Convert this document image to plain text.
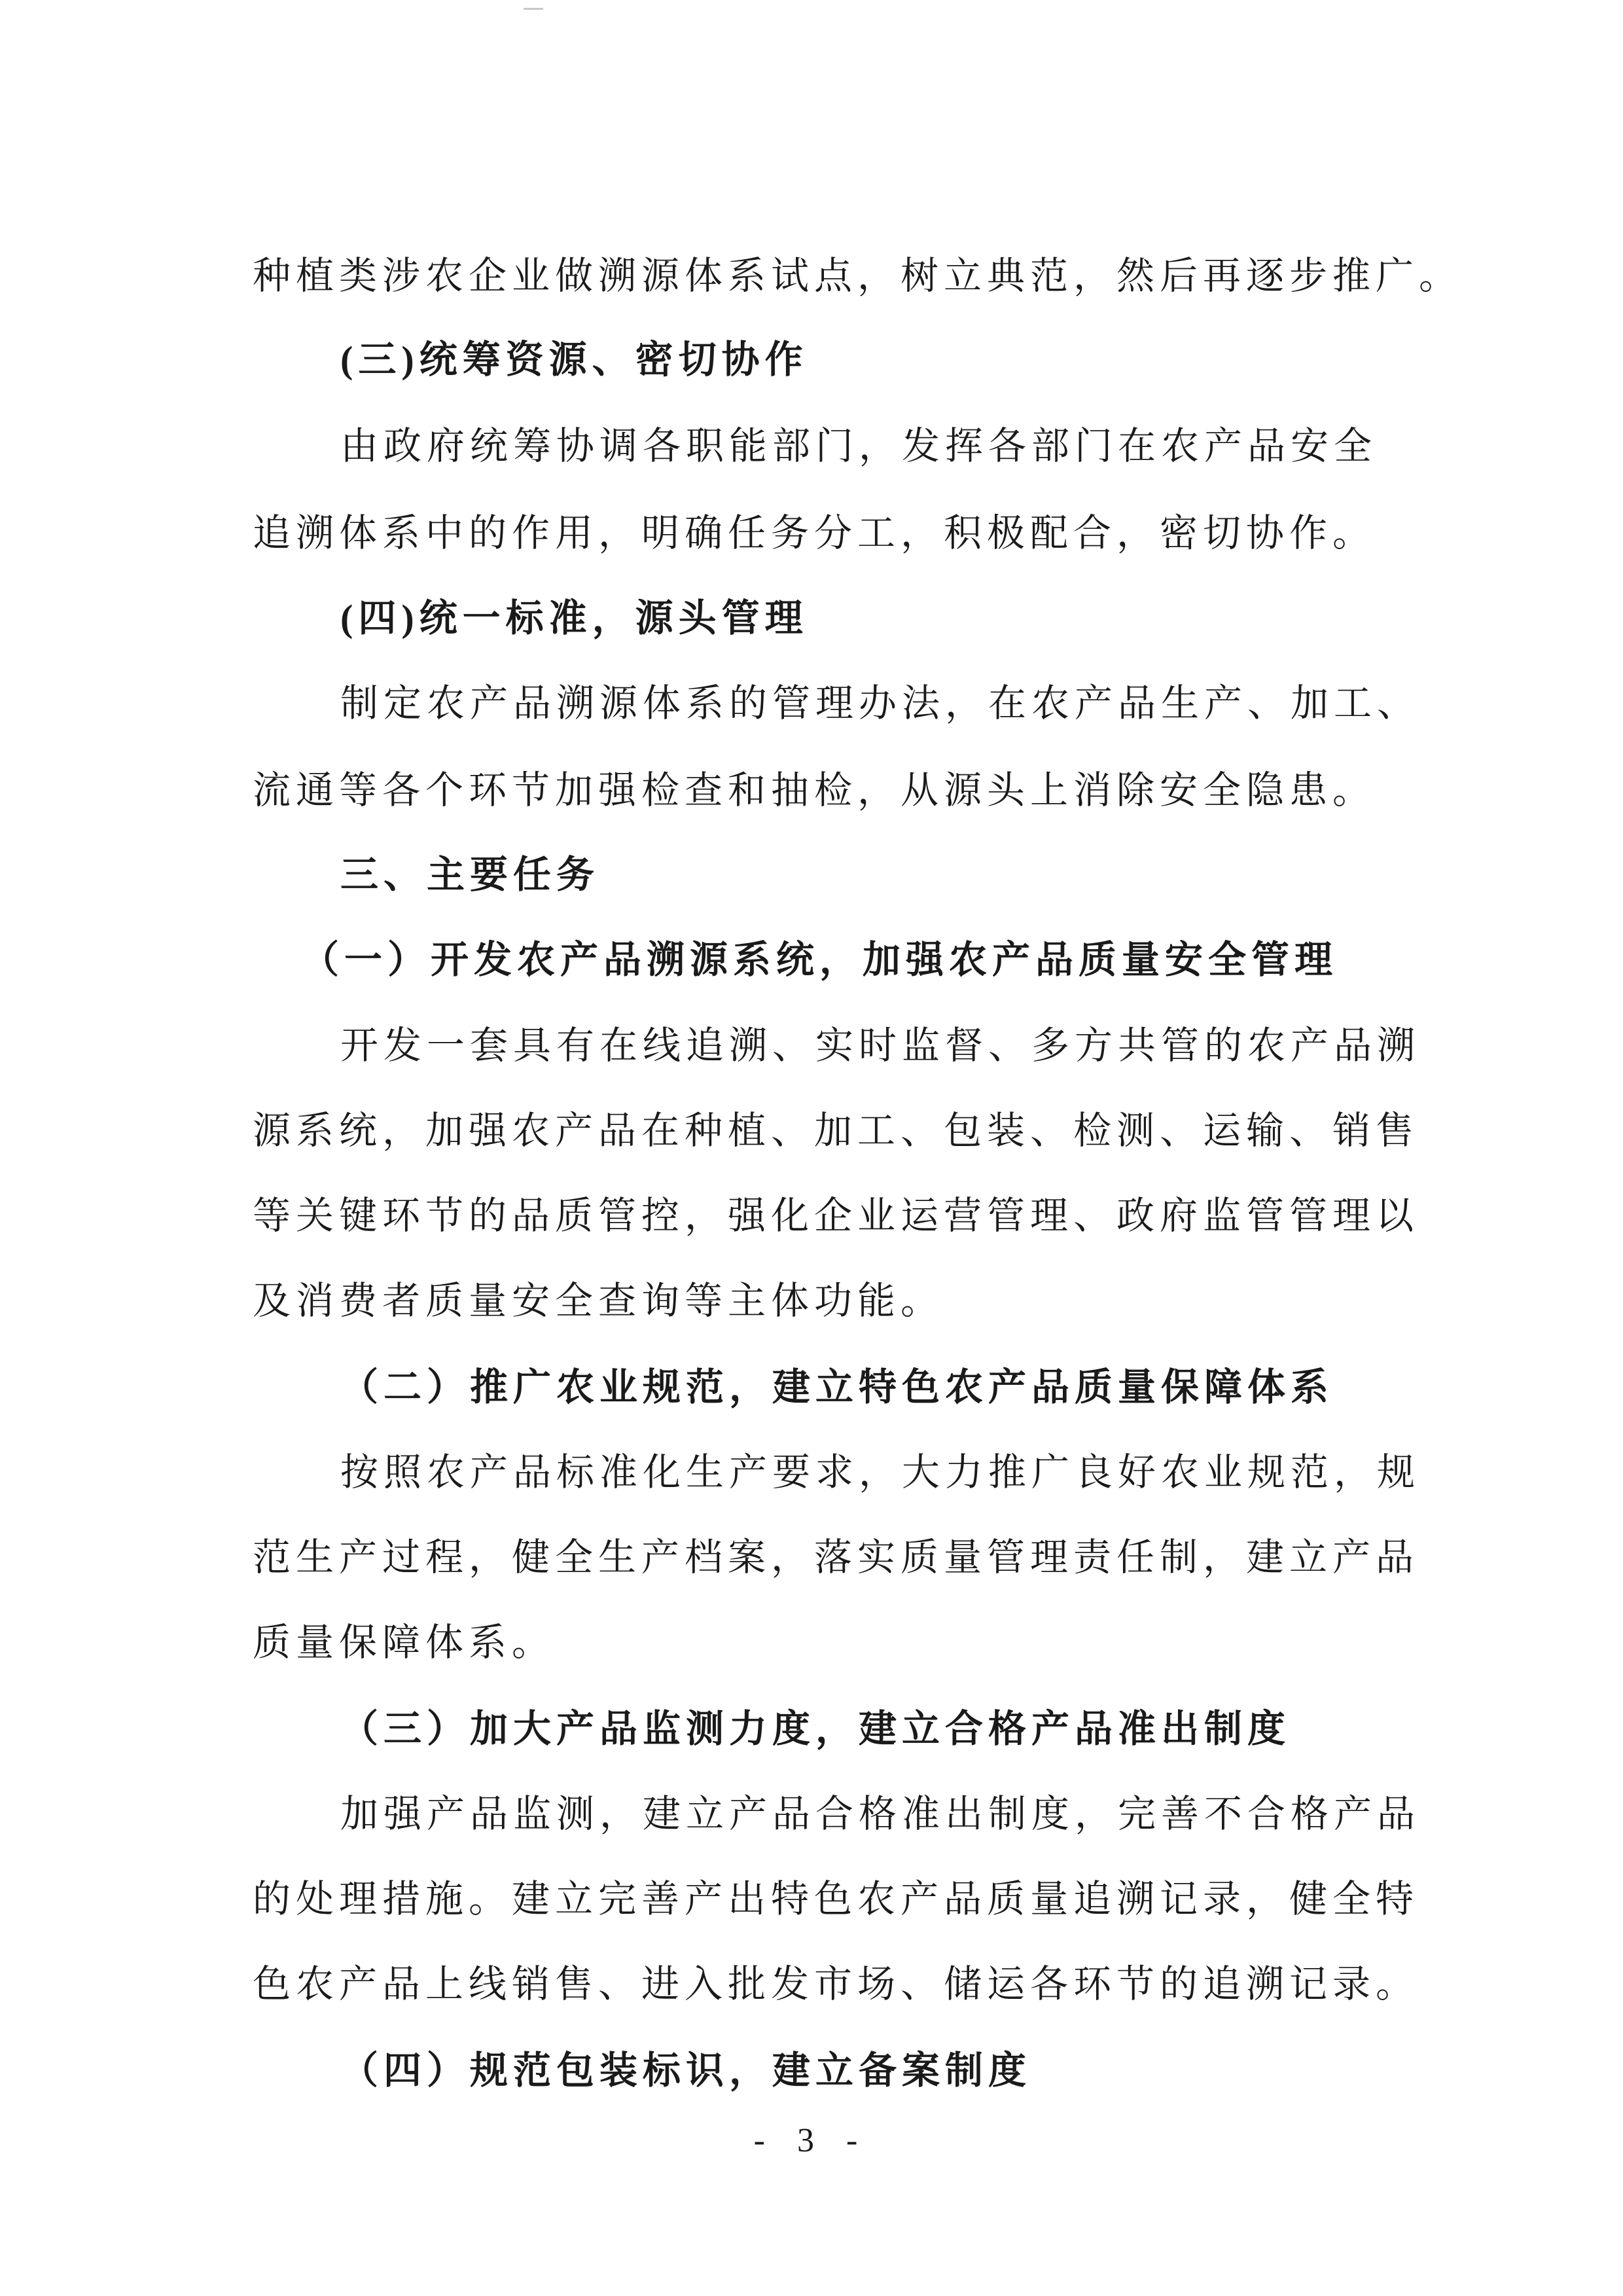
种植类涉农企业做溯源体系试点，树立典范，然后再逐步推广。
(三)统筹资源、密切协作
由政府统筹协调各职能部门，发挥各部门在农产品安全
追溯体系中的作用，明确任务分工，积极配合，密切协作。
(四)统一标准，源头管理
制定农产品溯源体系的管理办法，在农产品生产、加工、
流通等各个环节加强检查和抽检，从源头上消除安全隐患。
三、主要任务
（一）开发农产品溯源系统，加强农产品质量安全管理
开发一套具有在线追溯、实时监督、多方共管的农产品溯
源系统，加强农产品在种植、加工、包装、检测、运输、销售
等关键环节的品质管控，强化企业运营管理、政府监管管理以
及消费者质量安全查询等主体功能。
（二）推广农业规范，建立特色农产品质量保障体系
按照农产品标准化生产要求，大力推广良好农业规范，规
范生产过程，健全生产档案，落实质量管理责任制，建立产品
质量保障体系。
（三）加大产品监测力度，建立合格产品准出制度
加强产品监测，建立产品合格准出制度，完善不合格产品
的处理措施。建立完善产出特色农产品质量追溯记录，健全特
色农产品上线销售、进入批发市场、储运各环节的追溯记录。
（四）规范包装标识，建立备案制度
- 3 -
